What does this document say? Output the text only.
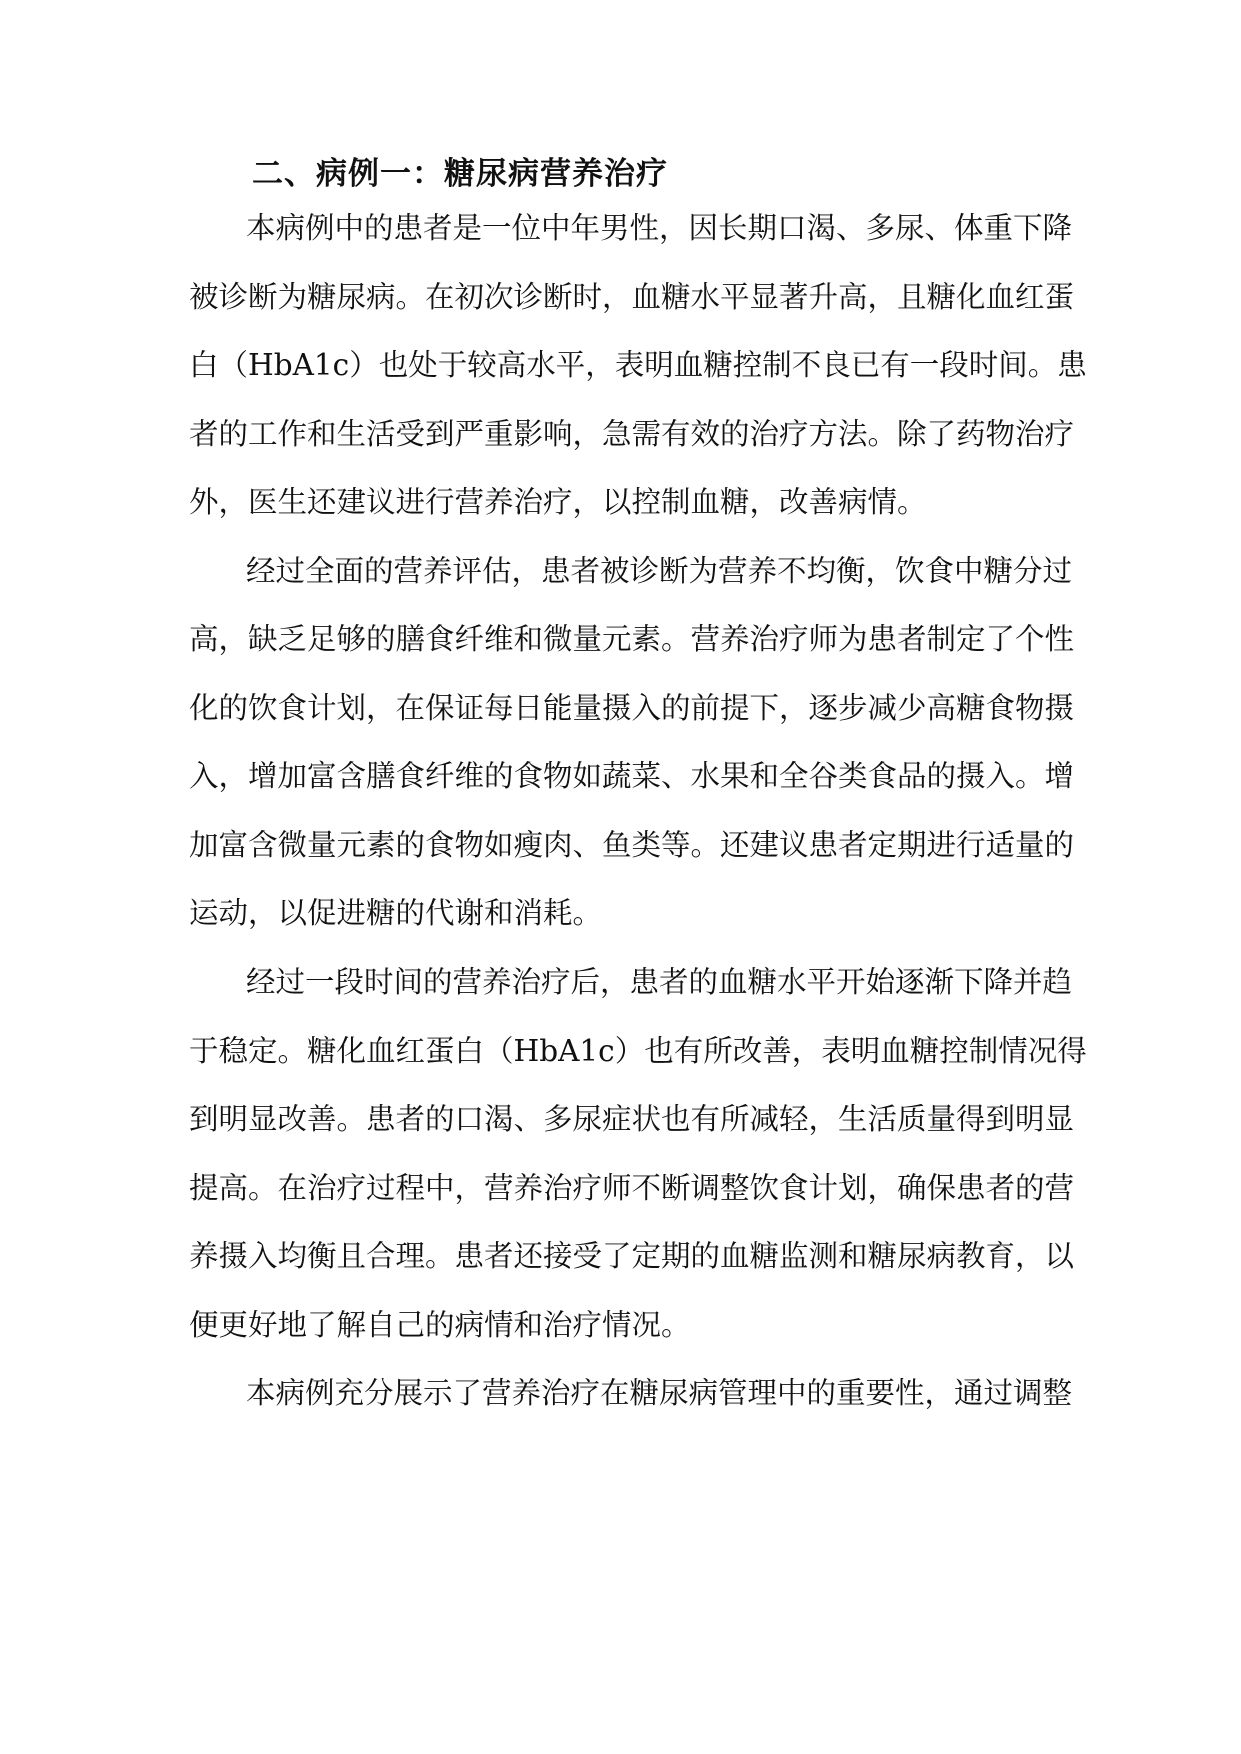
二、病例一：糖尿病营养治疗
本病例中的患者是一位中年男性，因长期口渴、多尿、体重下降
被诊断为糖尿病。在初次诊断时，血糖水平显著升高，且糖化血红蛋
白（HbA1c）也处于较高水平，表明血糖控制不良已有一段时间。患
者的工作和生活受到严重影响，急需有效的治疗方法。除了药物治疗
外，医生还建议进行营养治疗，以控制血糖，改善病情。
经过全面的营养评估，患者被诊断为营养不均衡，饮食中糖分过
高，缺乏足够的膳食纤维和微量元素。营养治疗师为患者制定了个性
化的饮食计划，在保证每日能量摄入的前提下，逐步减少高糖食物摄
入，增加富含膳食纤维的食物如蔬菜、水果和全谷类食品的摄入。增
加富含微量元素的食物如瘦肉、鱼类等。还建议患者定期进行适量的
运动，以促进糖的代谢和消耗。
经过一段时间的营养治疗后，患者的血糖水平开始逐渐下降并趋
于稳定。糖化血红蛋白（HbA1c）也有所改善，表明血糖控制情况得
到明显改善。患者的口渴、多尿症状也有所减轻，生活质量得到明显
提高。在治疗过程中，营养治疗师不断调整饮食计划，确保患者的营
养摄入均衡且合理。患者还接受了定期的血糖监测和糖尿病教育，以
便更好地了解自己的病情和治疗情况。
本病例充分展示了营养治疗在糖尿病管理中的重要性，通过调整
